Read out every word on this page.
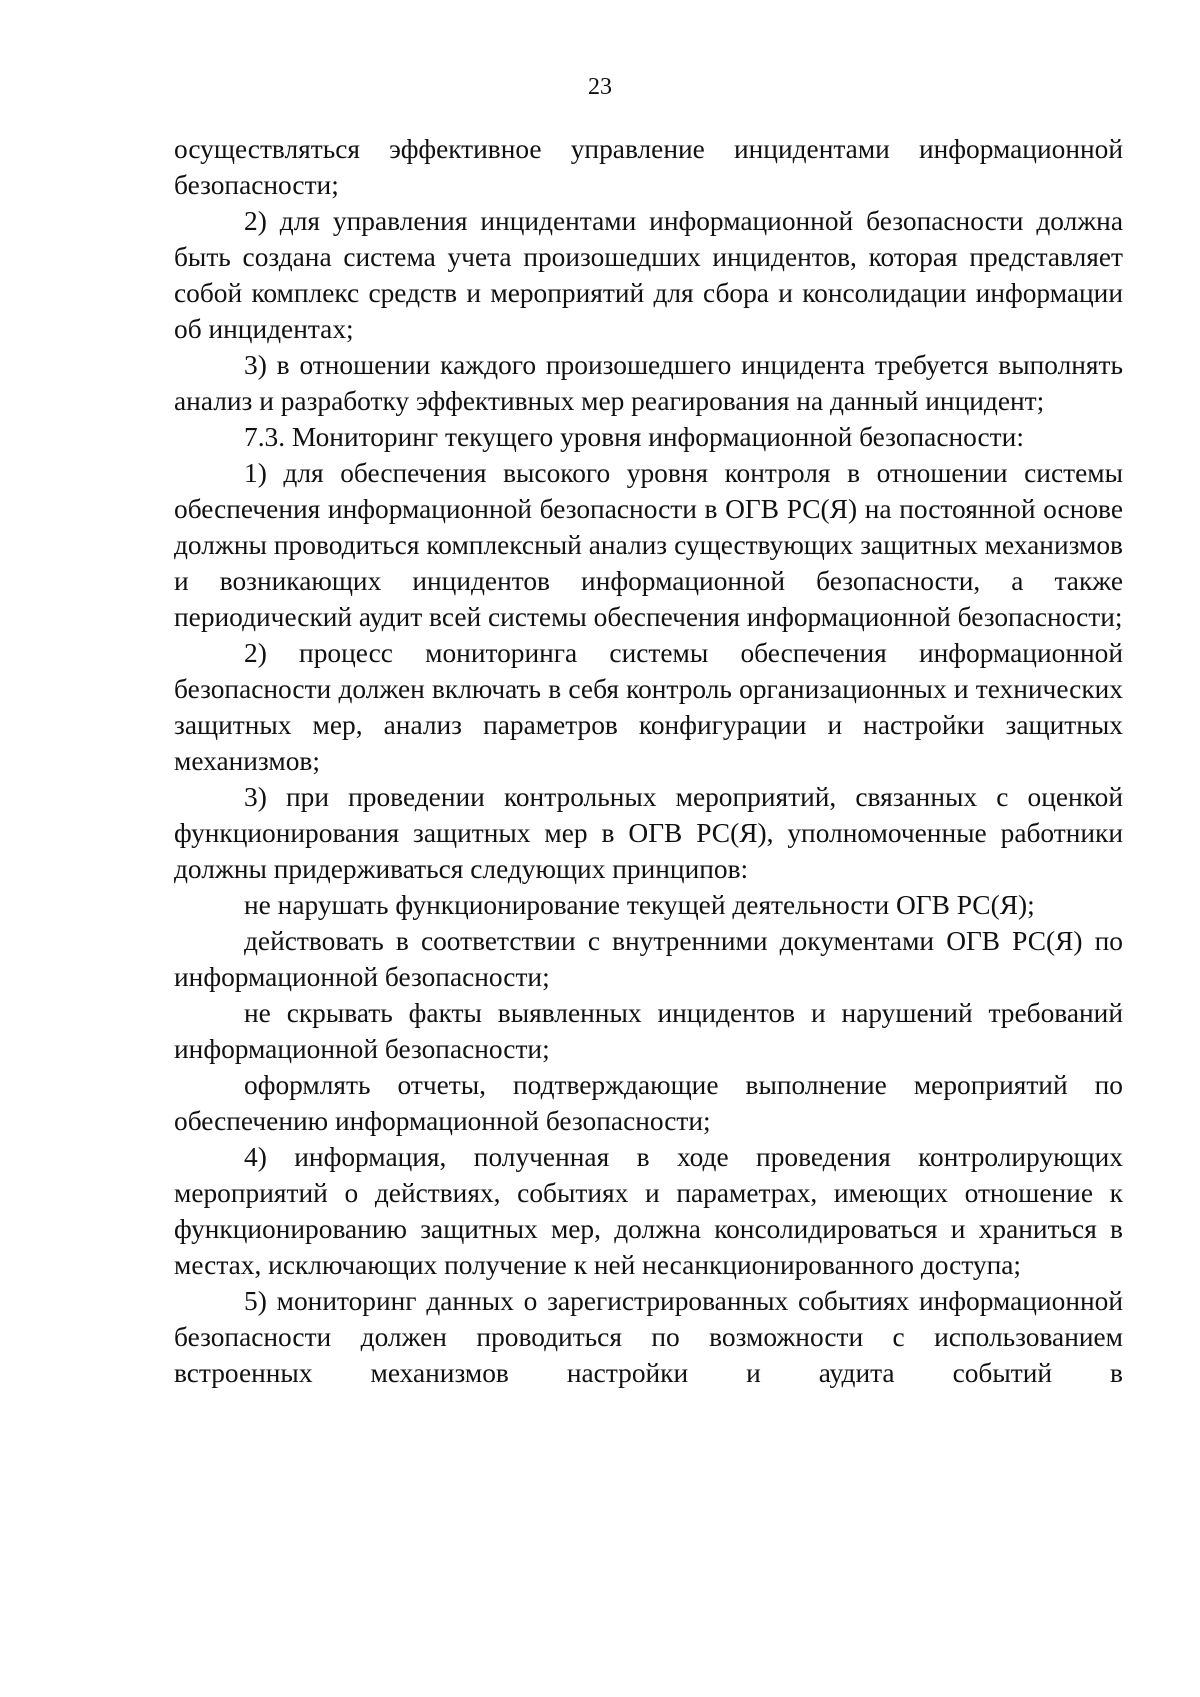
23

осуществляться эффективное управление инцидентами информационной безопасности;

2) для управления инцидентами информационной безопасности должна быть создана система учета произошедших инцидентов, которая представляет собой комплекс средств и мероприятий для сбора и консолидации информации об инцидентах;

3) в отношении каждого произошедшего инцидента требуется выполнять анализ и разработку эффективных мер реагирования на данный инцидент;

7.3. Мониторинг текущего уровня информационной безопасности:

1) для обеспечения высокого уровня контроля в отношении системы обеспечения информационной безопасности в ОГВ РС(Я) на постоянной основе должны проводиться комплексный анализ существующих защитных механизмов и возникающих инцидентов информационной безопасности, а также периодический аудит всей системы обеспечения информационной безопасности;

2) процесс мониторинга системы обеспечения информационной безопасности должен включать в себя контроль организационных и технических защитных мер, анализ параметров конфигурации и настройки защитных механизмов;

3) при проведении контрольных мероприятий, связанных с оценкой функционирования защитных мер в ОГВ РС(Я), уполномоченные работники должны придерживаться следующих принципов:

не нарушать функционирование текущей деятельности ОГВ РС(Я);

действовать в соответствии с внутренними документами ОГВ РС(Я) по информационной безопасности;

не скрывать факты выявленных инцидентов и нарушений требований информационной безопасности;

оформлять отчеты, подтверждающие выполнение мероприятий по обеспечению информационной безопасности;

4) информация, полученная в ходе проведения контролирующих мероприятий о действиях, событиях и параметрах, имеющих отношение к функционированию защитных мер, должна консолидироваться и храниться в местах, исключающих получение к ней несанкционированного доступа;

5) мониторинг данных о зарегистрированных событиях информационной безопасности должен проводиться по возможности с использованием встроенных механизмов настройки и аудита событий в
